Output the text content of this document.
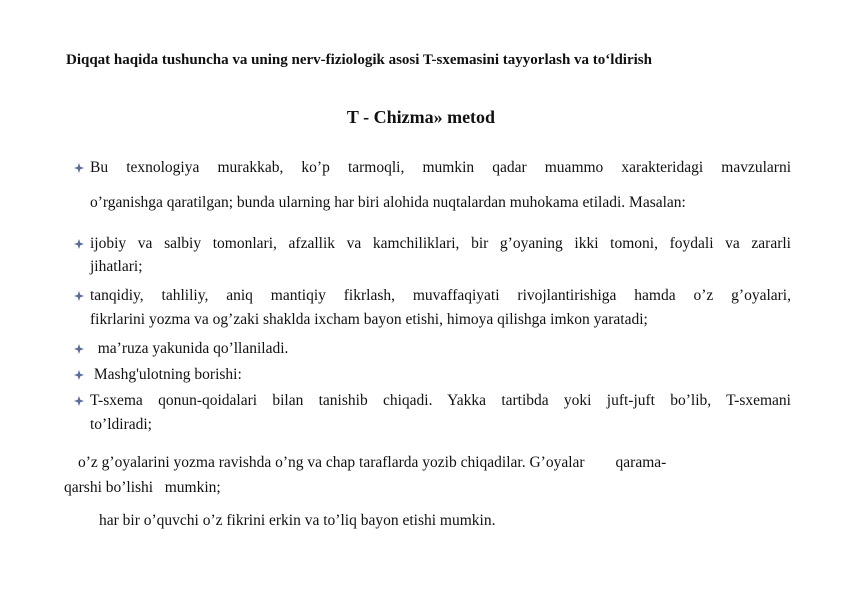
Diqqat haqida tushuncha va uning nerv-fiziologik asosi T-sxemasini tayyorlash va to‘ldirish
T - Chizma» metod
Bu texnologiya murakkab, ko’p tarmoqli, mumkin qadar muammo xarakteridagi mavzularni
o’rganishga qaratilgan; bunda ularning har biri alohida nuqtalardan muhokama etiladi. Masalan:
ijobiy va salbiy tomonlari, afzallik va kamchiliklari, bir g’oyaning ikki tomoni, foydali va zararli
jihatlari;
tanqidiy, tahliliy, aniq mantiqiy fikrlash, muvaffaqiyati rivojlantirishiga hamda o’z g’oyalari,
fikrlarini yozma va og’zaki shaklda ixcham bayon etishi, himoya qilishga imkon yaratadi;
ma’ruza yakunida qo’llaniladi.
Mashg'ulotning borishi:
T-sxema qonun-qoidalari bilan tanishib chiqadi. Yakka tartibda yoki juft-juft bo’lib, T-sxemani
to’ldiradi;
o’z g’oyalarini yozma ravishda o’ng va chap taraflarda yozib chiqadilar. G’oyalar        qarama-
qarshi bo’lishi   mumkin;
har bir o’quvchi o’z fikrini erkin va to’liq bayon etishi mumkin.
